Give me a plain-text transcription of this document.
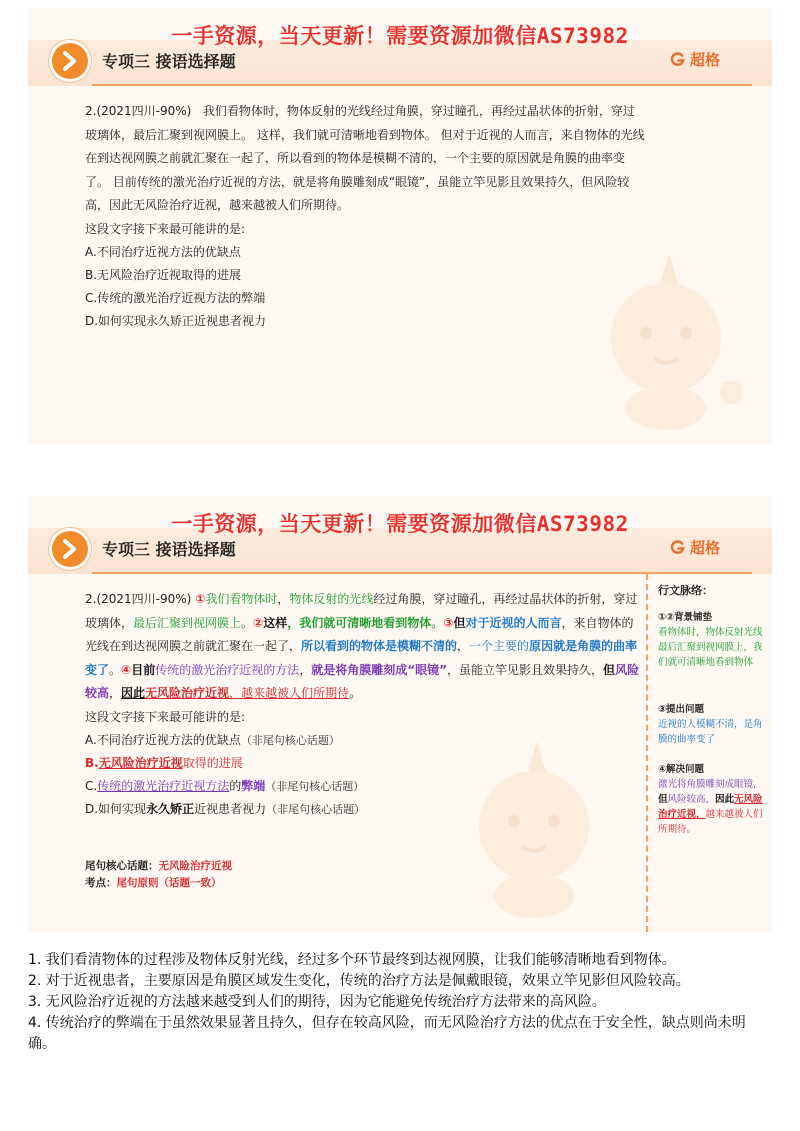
一手资源，当天更新！需要资源加微信AS73982
专项三 接语选择题	超格

2.(2021四川-90%) 我们看物体时，物体反射的光线经过角膜，穿过瞳孔，再经过晶状体的折射，穿过玻璃体，最后汇聚到视网膜上。 这样，我们就可清晰地看到物体。 但对于近视的人而言，来自物体的光线在到达视网膜之前就汇聚在一起了，所以看到的物体是模糊不清的，一个主要的原因就是角膜的曲率变了。 目前传统的激光治疗近视的方法，就是将角膜雕刻成“眼镜”，虽能立竿见影且效果持久，但风险较高，因此无风险治疗近视，越来越被人们所期待。

这段文字接下来最可能讲的是:

A.不同治疗近视方法的优缺点
B.无风险治疗近视取得的进展
C.传统的激光治疗近视方法的弊端
D.如何实现永久矫正近视患者视力
一手资源，当天更新！需要资源加微信AS73982
专项三 接语选择题	超格

2.(2021四川-90%) ①我们看物体时，物体反射的光线经过角膜，穿过瞳孔，再经过晶状体的折射，穿过玻璃体，最后汇聚到视网膜上。②这样，我们就可清晰地看到物体。③但对于近视的人而言，来自物体的光线在到达视网膜之前就汇聚在一起了，所以看到的物体是模糊不清的，一个主要的原因就是角膜的曲率变了。④目前传统的激光治疗近视的方法，就是将角膜雕刻成“眼镜”，虽能立竿见影且效果持久，但风险较高，因此无风险治疗近视，越来越被人们所期待。

这段文字接下来最可能讲的是:

A.不同治疗近视方法的优缺点（非尾句核心话题）
B.无风险治疗近视取得的进展
C.传统的激光治疗近视方法的弊端（非尾句核心话题）
D.如何实现永久矫正近视患者视力（非尾句核心话题）
尾句核心话题：无风险治疗近视
考点：尾句原则（话题一致）
行文脉络：
①②背景铺垫
看物体时，物体反射光线最后汇聚到视网膜上，我们就可清晰地看到物体
③提出问题
近视的人模糊不清，是角膜的曲率变了
④解决问题
激光将角膜雕刻成眼镜，但风险较高，因此无风险治疗近视，越来越被人们所期待。

1. 我们看清物体的过程涉及物体反射光线，经过多个环节最终到达视网膜，让我们能够清晰地看到物体。

2. 对于近视患者，主要原因是角膜区域发生变化，传统的治疗方法是佩戴眼镜，效果立竿见影但风险较高。

3. 无风险治疗近视的方法越来越受到人们的期待，因为它能避免传统治疗方法带来的高风险。

4. 传统治疗的弊端在于虽然效果显著且持久，但存在较高风险，而无风险治疗方法的优点在于安全性，缺点则尚未明确。
